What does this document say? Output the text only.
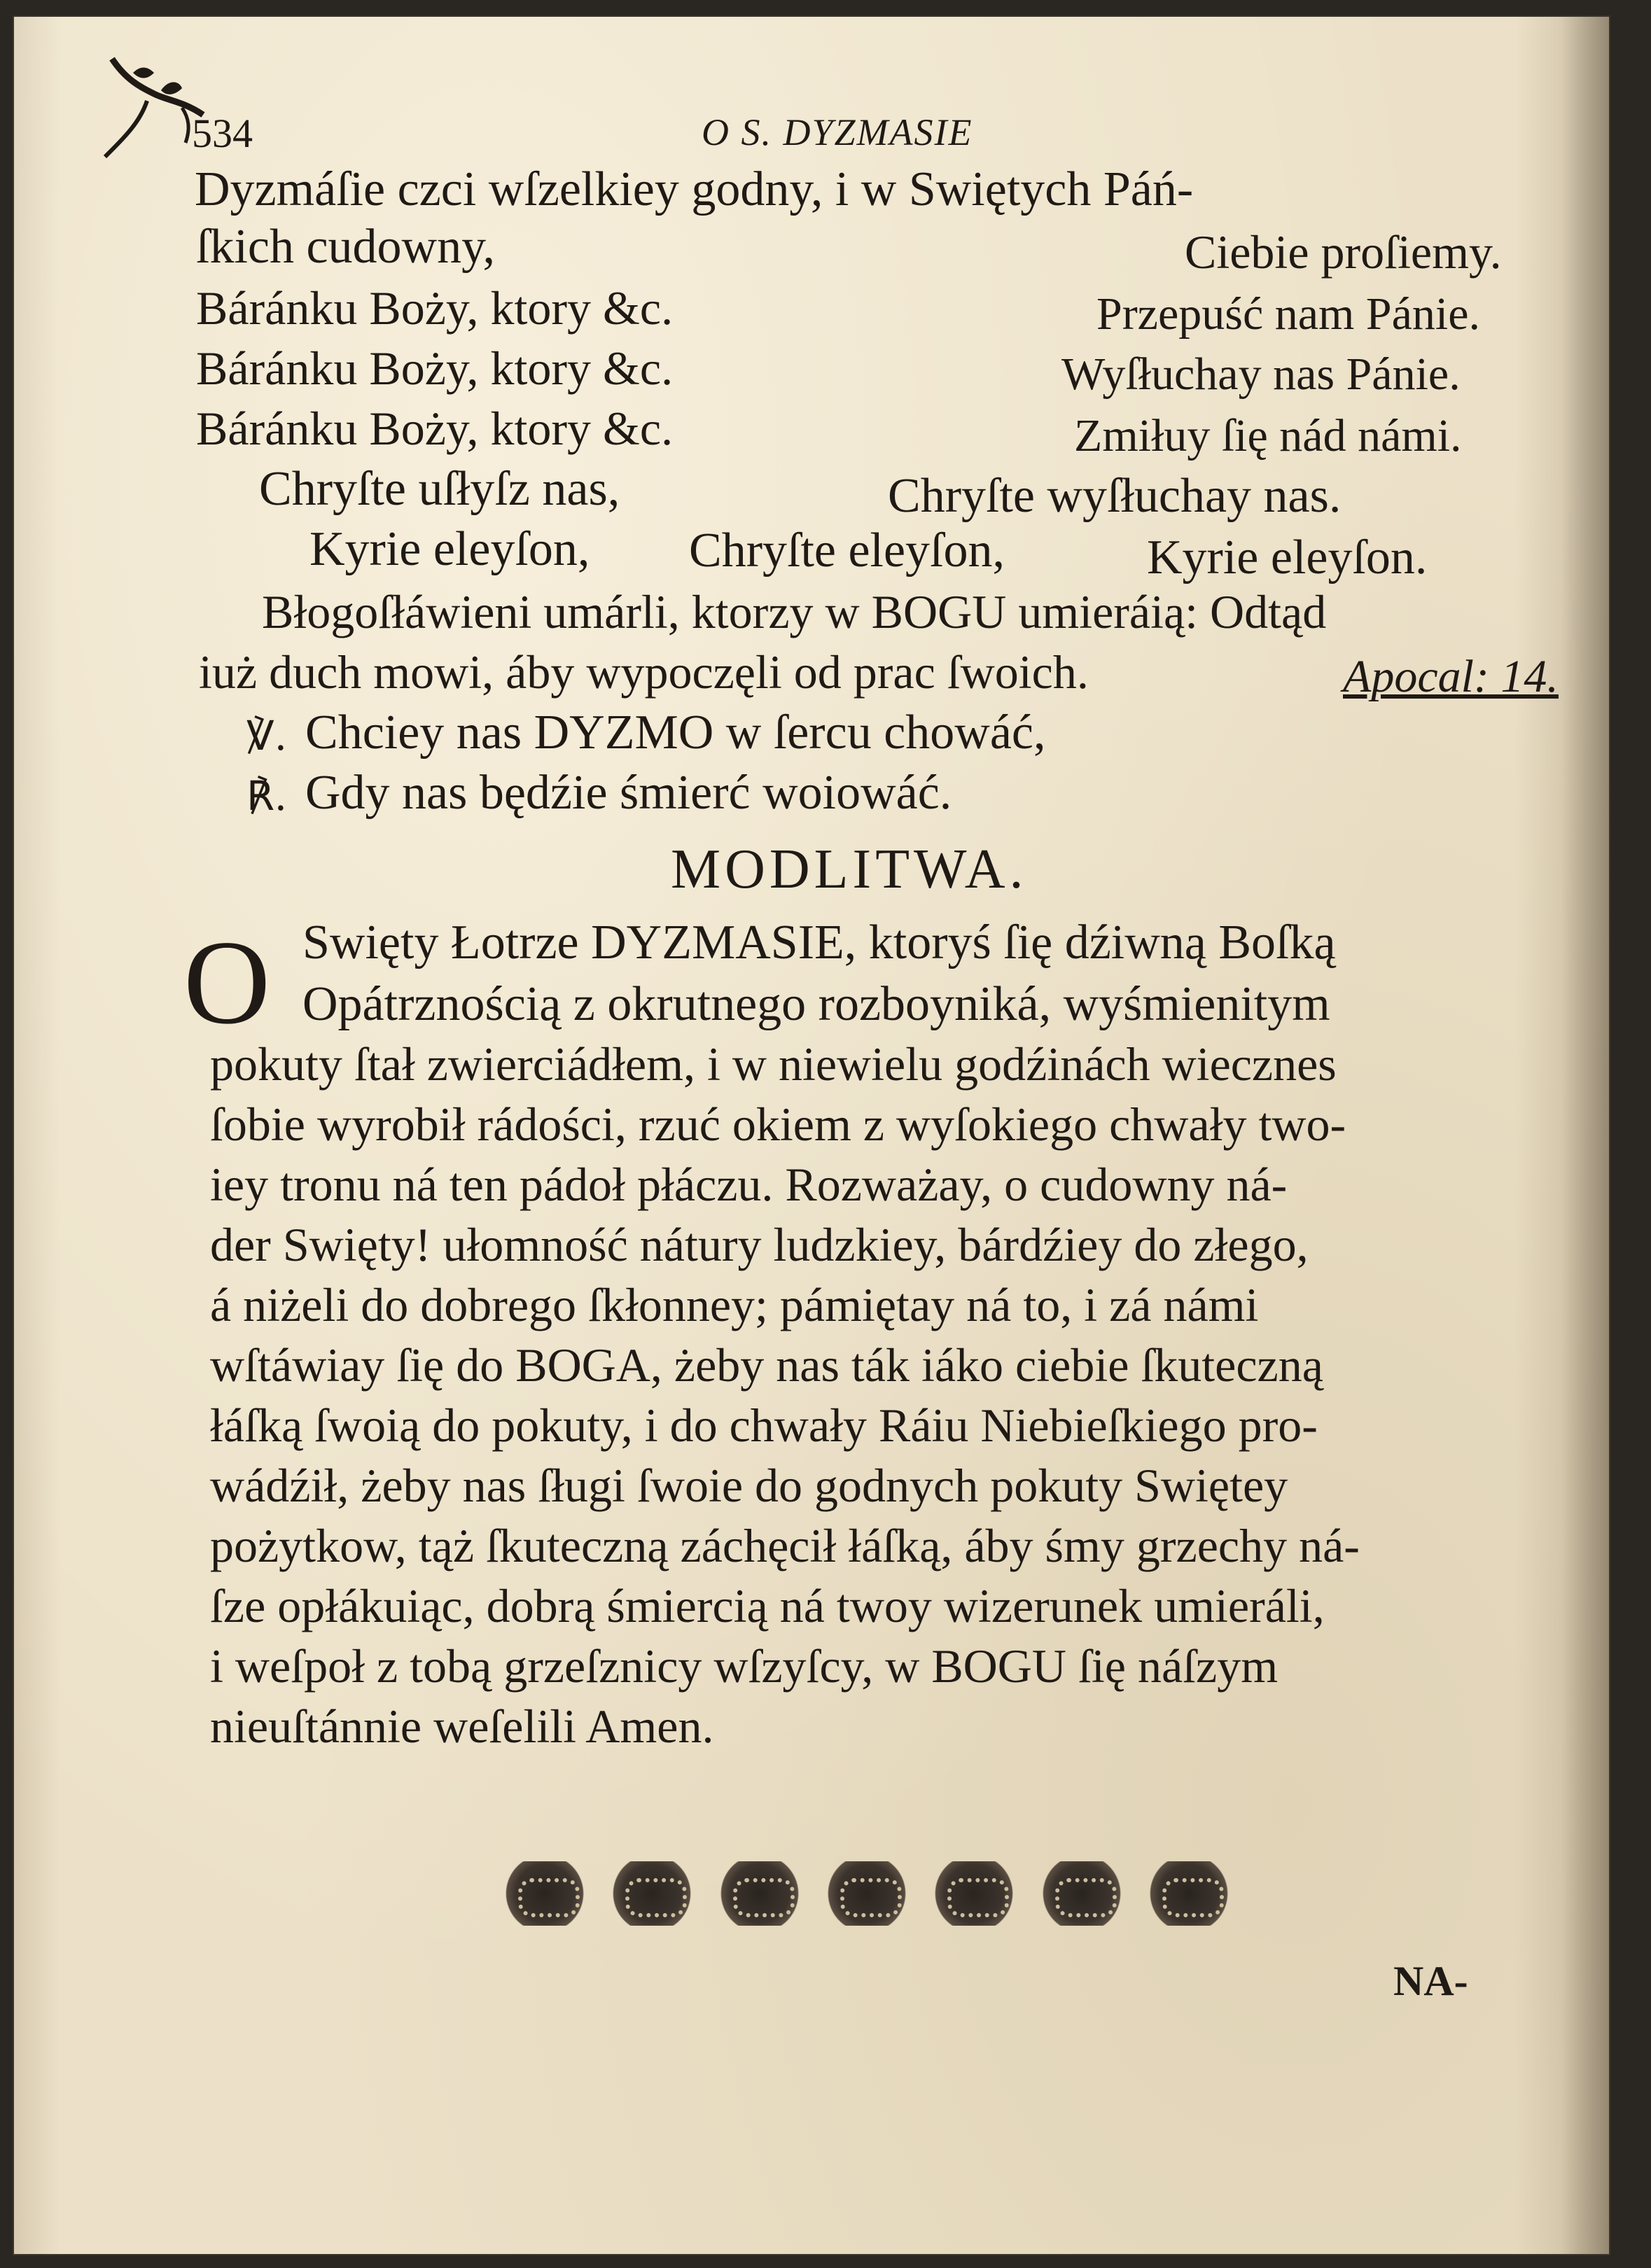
534	O S. DYZMASIE
Dyzmáſie czci wſzelkiey godny, i w Swiętych Páń-
ſkich cudowny,	Ciebie proſiemy.
Báránku Boży, ktory &c.	Przepuść nam Pánie.
Báránku Boży, ktory &c.	Wyſłuchay nas Pánie.
Báránku Boży, ktory &c.	Zmiłuy ſię nád námi.
Chryſte uſłyſz nas,	Chryſte wyſłuchay nas.
Kyrie eleyſon, Chryſte eleyſon,	Kyrie eleyſon.
Błogoſłáwieni umárli, ktorzy w BOGU umieráią: Odtąd
iuż duch mowi, áby wypoczęli od prac ſwoich.	Apocal: 14.
℣. Chciey nas DYZMO w ſercu chowáć,
℟. Gdy nas będźie śmierć woiowáć.
MODLITWA.
O Swięty Łotrze DYZMASIE, ktoryś ſię dźiwną Boſką
Opátrznością z okrutnego rozboyniká, wyśmienitym
pokuty ſtał zwierciádłem, i w niewielu godźinách wiecznes
ſobie wyrobił rádości, rzuć okiem z wyſokiego chwały two-
iey tronu ná ten pádoł płáczu. Rozważay, o cudowny ná-
der Swięty! ułomność nátury ludzkiey, bárdźiey do złego,
á niżeli do dobrego ſkłonney; pámiętay ná to, i zá námi
wſtáwiay ſię do BOGA, żeby nas ták iáko ciebie ſkuteczną
łáſką ſwoią do pokuty, i do chwały Ráiu Niebieſkiego pro-
wádźił, żeby nas ſługi ſwoie do godnych pokuty Swiętey
pożytkow, tąż ſkuteczną záchęcił łáſką, áby śmy grzechy ná-
ſze opłákuiąc, dobrą śmiercią ná twoy wizerunek umieráli,
i weſpoł z tobą grzeſznicy wſzyſcy, w BOGU ſię náſzym
nieuſtánnie weſelili Amen.
NA-
